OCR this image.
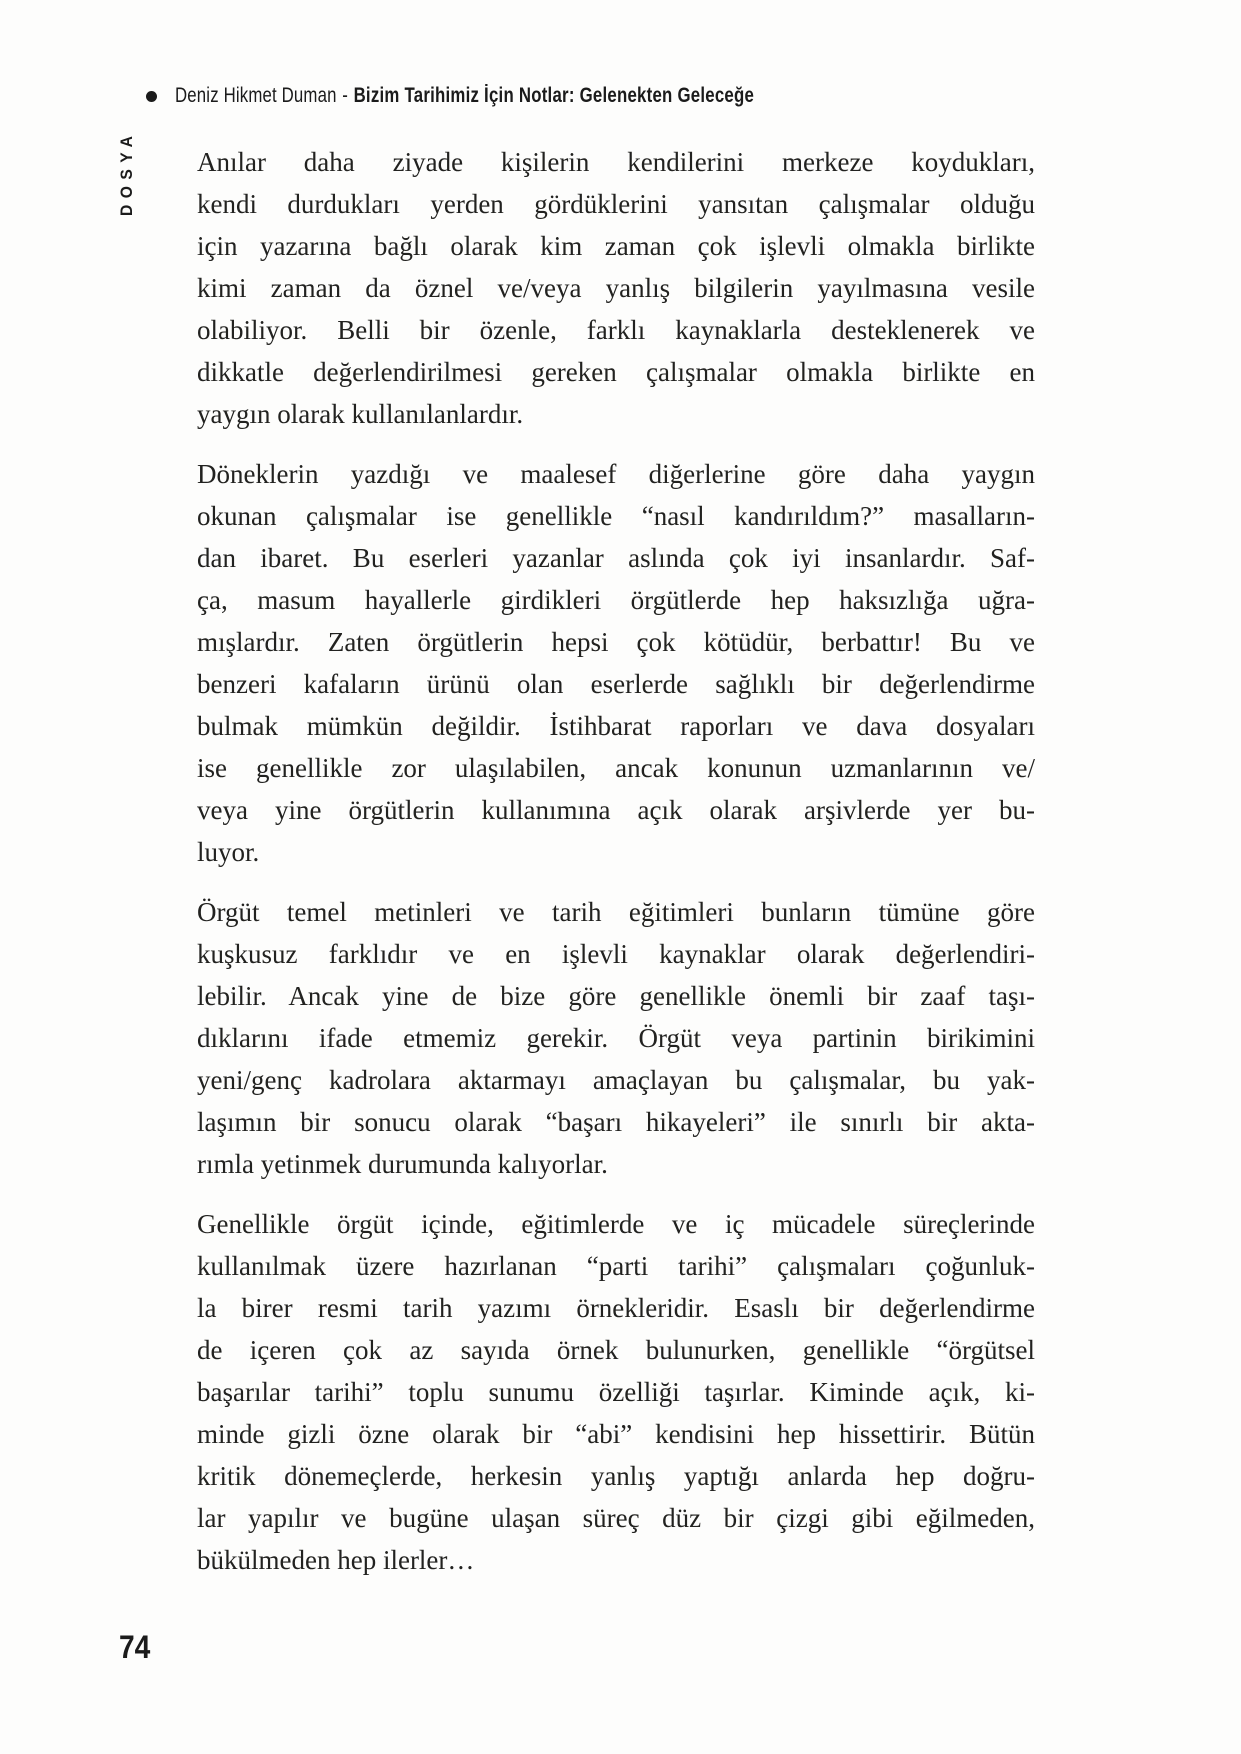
Deniz Hikmet Duman - Bizim Tarihimiz İçin Notlar: Gelenekten Geleceğe
DOSYA	Anılar daha ziyade kişilerin kendilerini merkeze koydukları,
kendi durdukları yerden gördüklerini yansıtan çalışmalar olduğu
için yazarına bağlı olarak kim zaman çok işlevli olmakla birlikte
kimi zaman da öznel ve/veya yanlış bilgilerin yayılmasına vesile
olabiliyor. Belli bir özenle, farklı kaynaklarla desteklenerek ve
dikkatle değerlendirilmesi gereken çalışmalar olmakla birlikte en
yaygın olarak kullanılanlardır.
Döneklerin yazdığı ve maalesef diğerlerine göre daha yaygın
okunan çalışmalar ise genellikle “nasıl kandırıldım?” masalların-
dan ibaret. Bu eserleri yazanlar aslında çok iyi insanlardır. Saf-
ça, masum hayallerle girdikleri örgütlerde hep haksızlığa uğra-
mışlardır. Zaten örgütlerin hepsi çok kötüdür, berbattır! Bu ve
benzeri kafaların ürünü olan eserlerde sağlıklı bir değerlendirme
bulmak mümkün değildir. İstihbarat raporları ve dava dosyaları
ise genellikle zor ulaşılabilen, ancak konunun uzmanlarının ve/
veya yine örgütlerin kullanımına açık olarak arşivlerde yer bu-
luyor.
Örgüt temel metinleri ve tarih eğitimleri bunların tümüne göre
kuşkusuz farklıdır ve en işlevli kaynaklar olarak değerlendiri-
lebilir. Ancak yine de bize göre genellikle önemli bir zaaf taşı-
dıklarını ifade etmemiz gerekir. Örgüt veya partinin birikimini
yeni/genç kadrolara aktarmayı amaçlayan bu çalışmalar, bu yak-
laşımın bir sonucu olarak “başarı hikayeleri” ile sınırlı bir akta-
rımla yetinmek durumunda kalıyorlar.
Genellikle örgüt içinde, eğitimlerde ve iç mücadele süreçlerinde
kullanılmak üzere hazırlanan “parti tarihi” çalışmaları çoğunluk-
la birer resmi tarih yazımı örnekleridir. Esaslı bir değerlendirme
de içeren çok az sayıda örnek bulunurken, genellikle “örgütsel
başarılar tarihi” toplu sunumu özelliği taşırlar. Kiminde açık, ki-
minde gizli özne olarak bir “abi” kendisini hep hissettirir. Bütün
kritik dönemeçlerde, herkesin yanlış yaptığı anlarda hep doğru-
lar yapılır ve bugüne ulaşan süreç düz bir çizgi gibi eğilmeden,
bükülmeden hep ilerler…
74
